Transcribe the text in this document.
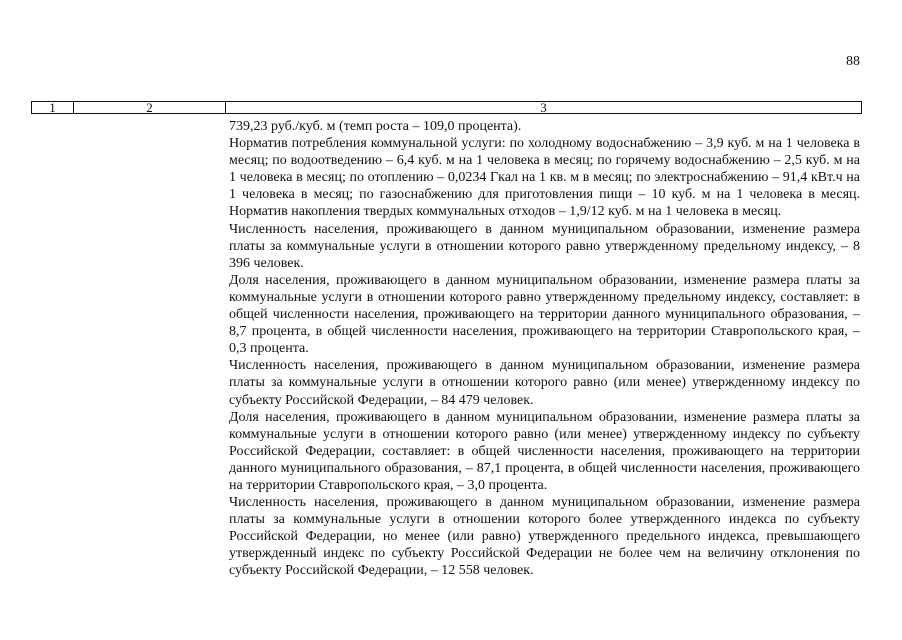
88
1	2	3

739,23 руб./куб. м (темп роста – 109,0 процента).

Норматив потребления коммунальной услуги: по холодному водоснабжению – 3,9 куб. м на 1 человека в месяц; по водоотведению – 6,4 куб. м на 1 человека в месяц; по горячему водоснабжению – 2,5 куб. м на 1 человека в месяц; по отоплению – 0,0234 Гкал на 1 кв. м в месяц; по электроснабжению – 91,4 кВт.ч на 1 человека в месяц; по газоснабжению для приготовления пищи – 10 куб. м на 1 человека в месяц. Норматив накопления твердых коммунальных отходов – 1,9/12 куб. м на 1 человека в месяц.

Численность населения, проживающего в данном муниципальном образовании, изменение размера платы за коммунальные услуги в отношении которого равно утвержденному предельному индексу, – 8 396 человек.

Доля населения, проживающего в данном муниципальном образовании, изменение размера платы за коммунальные услуги в отношении которого равно утвержденному предельному индексу, составляет: в общей численности населения, проживающего на территории данного муниципального образования, – 8,7 процента, в общей численности населения, проживающего на территории Ставропольского края, – 0,3 процента.

Численность населения, проживающего в данном муниципальном образовании, изменение размера платы за коммунальные услуги в отношении которого равно (или менее) утвержденному индексу по субъекту Российской Федерации, – 84 479 человек.

Доля населения, проживающего в данном муниципальном образовании, изменение размера платы за коммунальные услуги в отношении которого равно (или менее) утвержденному индексу по субъекту Российской Федерации, составляет: в общей численности населения, проживающего на территории данного муниципального образования, – 87,1 процента, в общей численности населения, проживающего на территории Ставропольского края, – 3,0 процента.

Численность населения, проживающего в данном муниципальном образовании, изменение размера платы за коммунальные услуги в отношении которого более утвержденного индекса по субъекту Российской Федерации, но менее (или равно) утвержденного предельного индекса, превышающего утвержденный индекс по субъекту Российской Федерации не более чем на величину отклонения по субъекту Российской Федерации, – 12 558 человек.
